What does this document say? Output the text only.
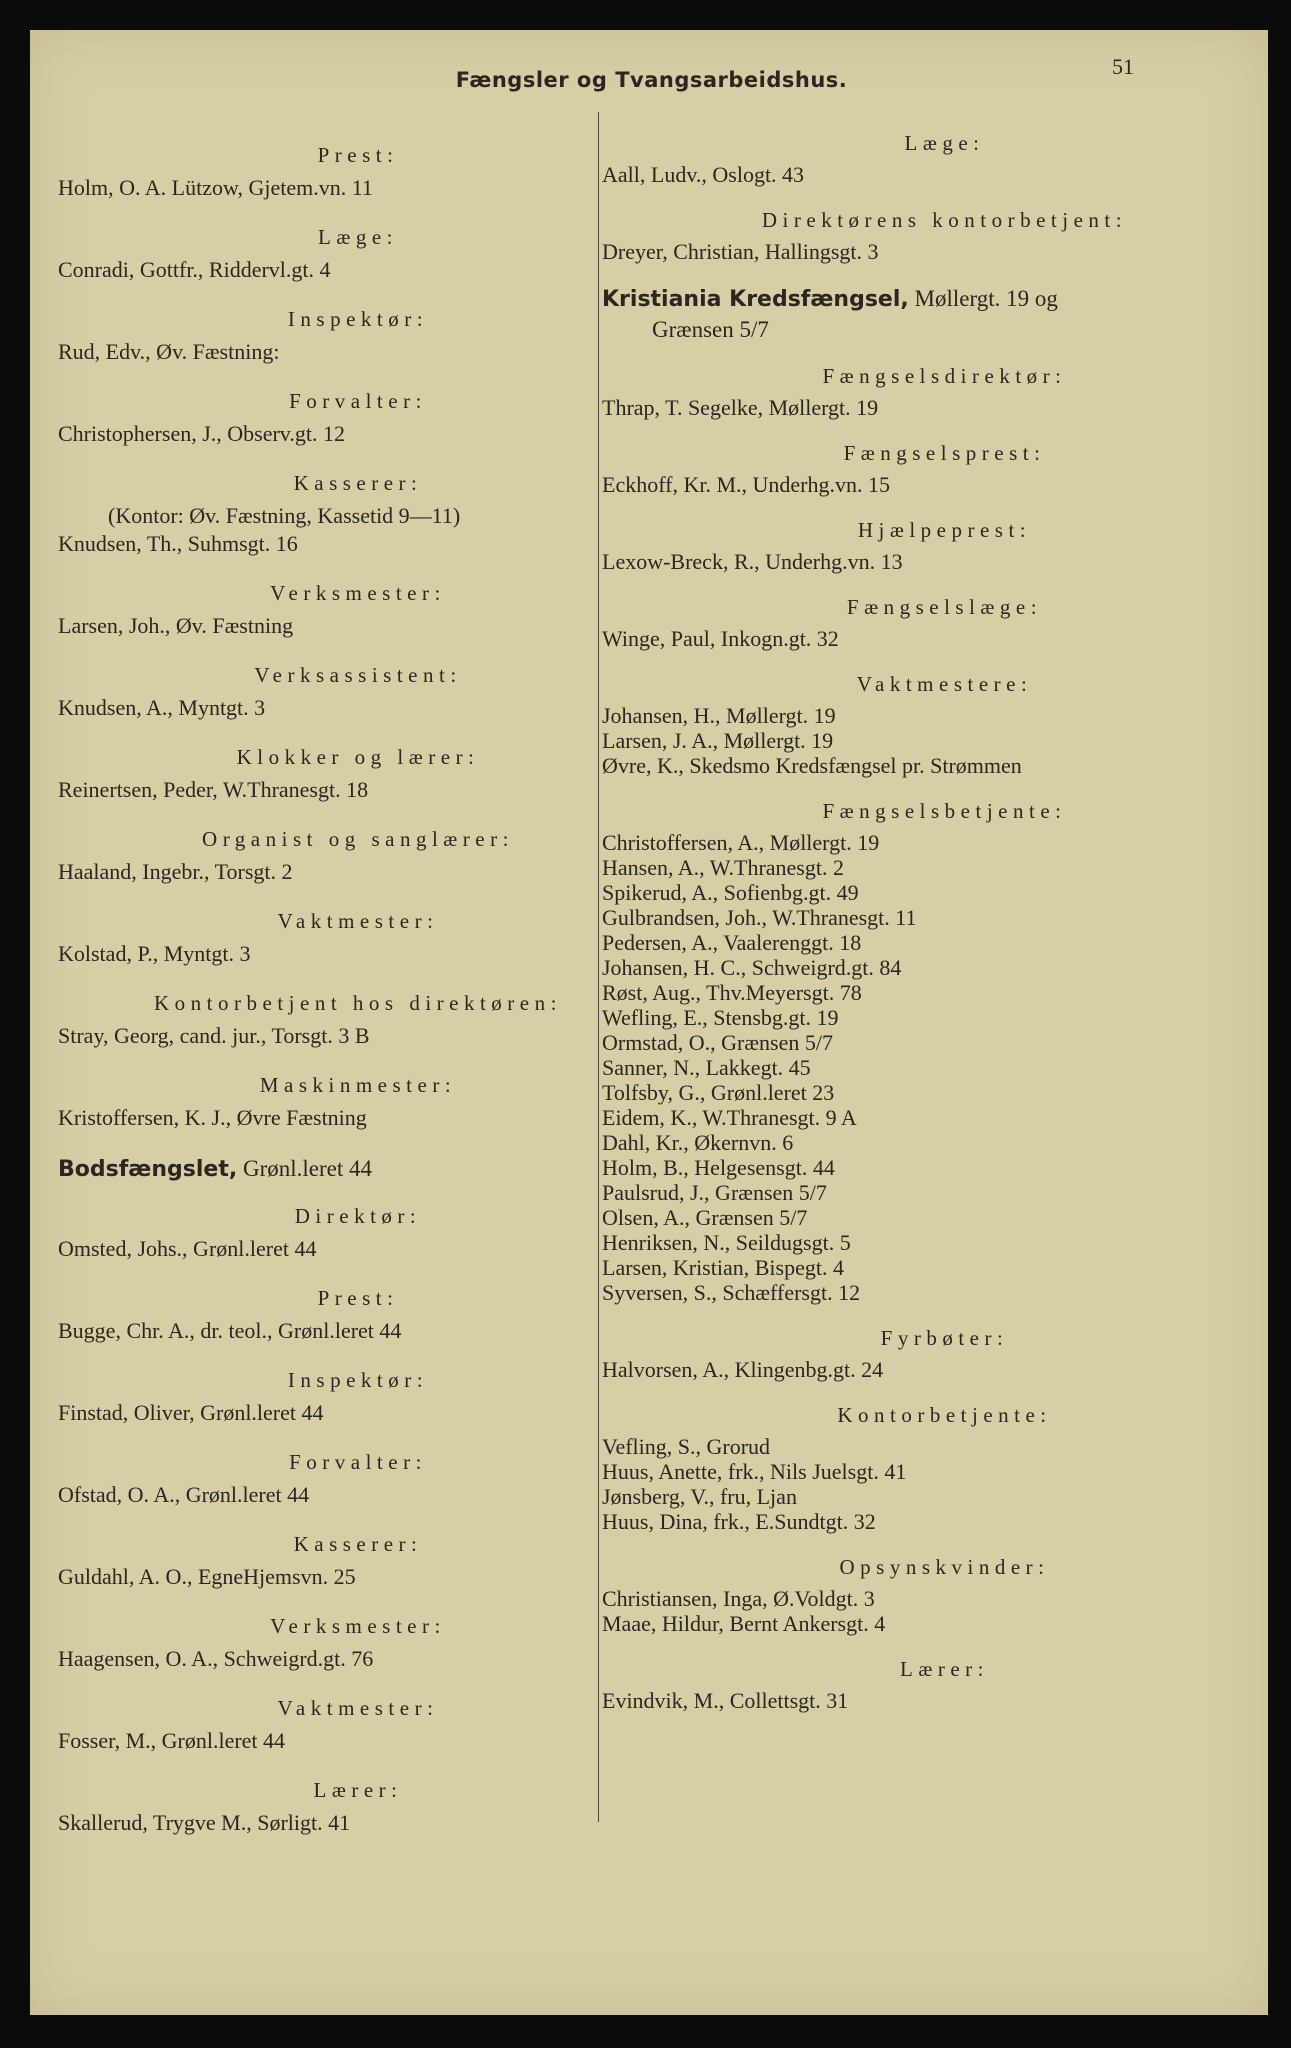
Fængsler og Tvangsarbeidshus.
51
Prest:
Holm, O. A. Lützow, Gjetem.vn. 11
Læge:
Conradi, Gottfr., Riddervl.gt. 4
Inspektør:
Rud, Edv., Øv. Fæstning:
Forvalter:
Christophersen, J., Observ.gt. 12
Kasserer:
(Kontor: Øv. Fæstning, Kassetid 9—11)
Knudsen, Th., Suhmsgt. 16
Verksmester:
Larsen, Joh., Øv. Fæstning
Verksassistent:
Knudsen, A., Myntgt. 3
Klokker og lærer:
Reinertsen, Peder, W.Thranesgt. 18
Organist og sanglærer:
Haaland, Ingebr., Torsgt. 2
Vaktmester:
Kolstad, P., Myntgt. 3
Kontorbetjent hos direktøren:
Stray, Georg, cand. jur., Torsgt. 3 B
Maskinmester:
Kristoffersen, K. J., Øvre Fæstning
Bodsfængslet, Grønl.leret 44
Direktør:
Omsted, Johs., Grønl.leret 44
Prest:
Bugge, Chr. A., dr. teol., Grønl.leret 44
Inspektør:
Finstad, Oliver, Grønl.leret 44
Forvalter:
Ofstad, O. A., Grønl.leret 44
Kasserer:
Guldahl, A. O., EgneHjemsvn. 25
Verksmester:
Haagensen, O. A., Schweigrd.gt. 76
Vaktmester:
Fosser, M., Grønl.leret 44
Lærer:
Skallerud, Trygve M., Sørligt. 41
Læge:
Aall, Ludv., Oslogt. 43
Direktørens kontorbetjent:
Dreyer, Christian, Hallingsgt. 3
Kristiania Kredsfængsel, Møllergt. 19 og
Grænsen 5/7
Fængselsdirektør:
Thrap, T. Segelke, Møllergt. 19
Fængselsprest:
Eckhoff, Kr. M., Underhg.vn. 15
Hjælpeprest:
Lexow-Breck, R., Underhg.vn. 13
Fængselslæge:
Winge, Paul, Inkogn.gt. 32
Vaktmestere:
Johansen, H., Møllergt. 19
Larsen, J. A., Møllergt. 19
Øvre, K., Skedsmo Kredsfængsel pr. Strømmen
Fængselsbetjente:
Christoffersen, A., Møllergt. 19
Hansen, A., W.Thranesgt. 2
Spikerud, A., Sofienbg.gt. 49
Gulbrandsen, Joh., W.Thranesgt. 11
Pedersen, A., Vaalerenggt. 18
Johansen, H. C., Schweigrd.gt. 84
Røst, Aug., Thv.Meyersgt. 78
Wefling, E., Stensbg.gt. 19
Ormstad, O., Grænsen 5/7
Sanner, N., Lakkegt. 45
Tolfsby, G., Grønl.leret 23
Eidem, K., W.Thranesgt. 9 A
Dahl, Kr., Økernvn. 6
Holm, B., Helgesensgt. 44
Paulsrud, J., Grænsen 5/7
Olsen, A., Grænsen 5/7
Henriksen, N., Seildugsgt. 5
Larsen, Kristian, Bispegt. 4
Syversen, S., Schæffersgt. 12
Fyrbøter:
Halvorsen, A., Klingenbg.gt. 24
Kontorbetjente:
Vefling, S., Grorud
Huus, Anette, frk., Nils Juelsgt. 41
Jønsberg, V., fru, Ljan
Huus, Dina, frk., E.Sundtgt. 32
Opsynskvinder:
Christiansen, Inga, Ø.Voldgt. 3
Maae, Hildur, Bernt Ankersgt. 4
Lærer:
Evindvik, M., Collettsgt. 31
